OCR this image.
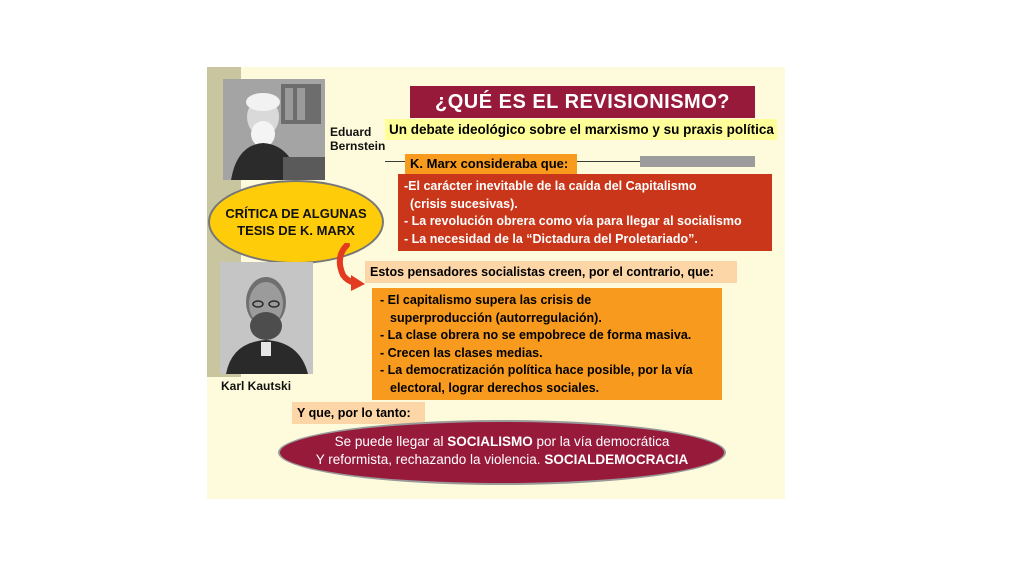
Eduard
Bernstein
¿QUÉ ES EL REVISIONISMO?
Un debate ideológico sobre el marxismo y su praxis política
K. Marx consideraba que:
-El carácter inevitable de la caída del Capitalismo
(crisis sucesivas).
- La revolución obrera como vía para llegar al socialismo
- La necesidad de la “Dictadura del Proletariado”.
CRÍTICA DE ALGUNAS
TESIS DE K. MARX
Estos pensadores socialistas creen, por el contrario, que:
Karl Kautski
- El capitalismo supera las crisis de
superproducción (autorregulación).
- La clase obrera no se empobrece de forma masiva.
- Crecen las clases medias.
- La democratización política hace posible, por la vía
electoral, lograr derechos sociales.
Y que, por lo tanto:
Se puede llegar al SOCIALISMO por la vía democrática
Y reformista, rechazando la violencia. SOCIALDEMOCRACIA
